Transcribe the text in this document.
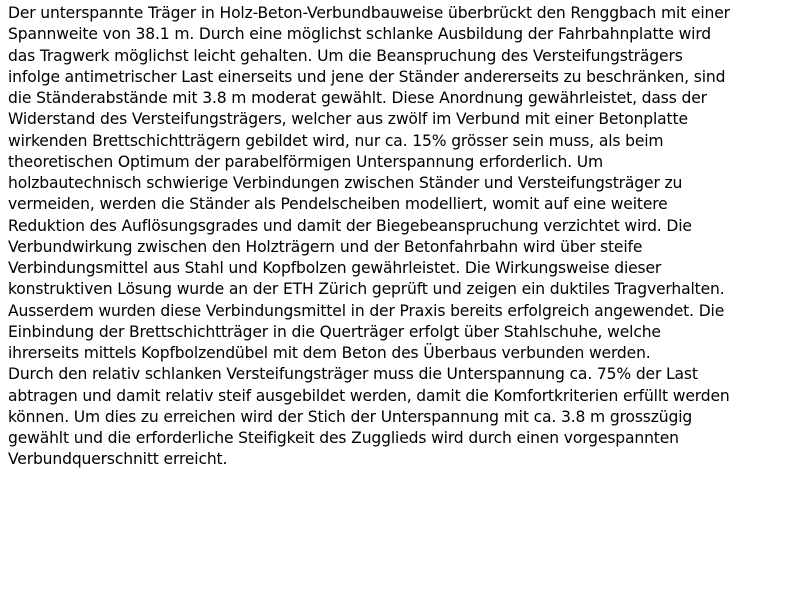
Der unterspannte Träger in Holz-Beton-Verbundbauweise überbrückt den Renggbach mit einer
Spannweite von 38.1 m. Durch eine möglichst schlanke Ausbildung der Fahrbahnplatte wird
das Tragwerk möglichst leicht gehalten. Um die Beanspruchung des Versteifungsträgers
infolge antimetrischer Last einerseits und jene der Ständer andererseits zu beschränken, sind
die Ständerabstände mit 3.8 m moderat gewählt. Diese Anordnung gewährleistet, dass der
Widerstand des Versteifungsträgers, welcher aus zwölf im Verbund mit einer Betonplatte
wirkenden Brettschichtträgern gebildet wird, nur ca. 15% grösser sein muss, als beim
theoretischen Optimum der parabelförmigen Unterspannung erforderlich. Um
holzbautechnisch schwierige Verbindungen zwischen Ständer und Versteifungsträger zu
vermeiden, werden die Ständer als Pendelscheiben modelliert, womit auf eine weitere
Reduktion des Auflösungsgrades und damit der Biegebeanspruchung verzichtet wird. Die
Verbundwirkung zwischen den Holzträgern und der Betonfahrbahn wird über steife
Verbindungsmittel aus Stahl und Kopfbolzen gewährleistet. Die Wirkungsweise dieser
konstruktiven Lösung wurde an der ETH Zürich geprüft und zeigen ein duktiles Tragverhalten.
Ausserdem wurden diese Verbindungsmittel in der Praxis bereits erfolgreich angewendet. Die
Einbindung der Brettschichtträger in die Querträger erfolgt über Stahlschuhe, welche
ihrerseits mittels Kopfbolzendübel mit dem Beton des Überbaus verbunden werden.
Durch den relativ schlanken Versteifungsträger muss die Unterspannung ca. 75% der Last
abtragen und damit relativ steif ausgebildet werden, damit die Komfortkriterien erfüllt werden
können. Um dies zu erreichen wird der Stich der Unterspannung mit ca. 3.8 m grosszügig
gewählt und die erforderliche Steifigkeit des Zugglieds wird durch einen vorgespannten
Verbundquerschnitt erreicht.
